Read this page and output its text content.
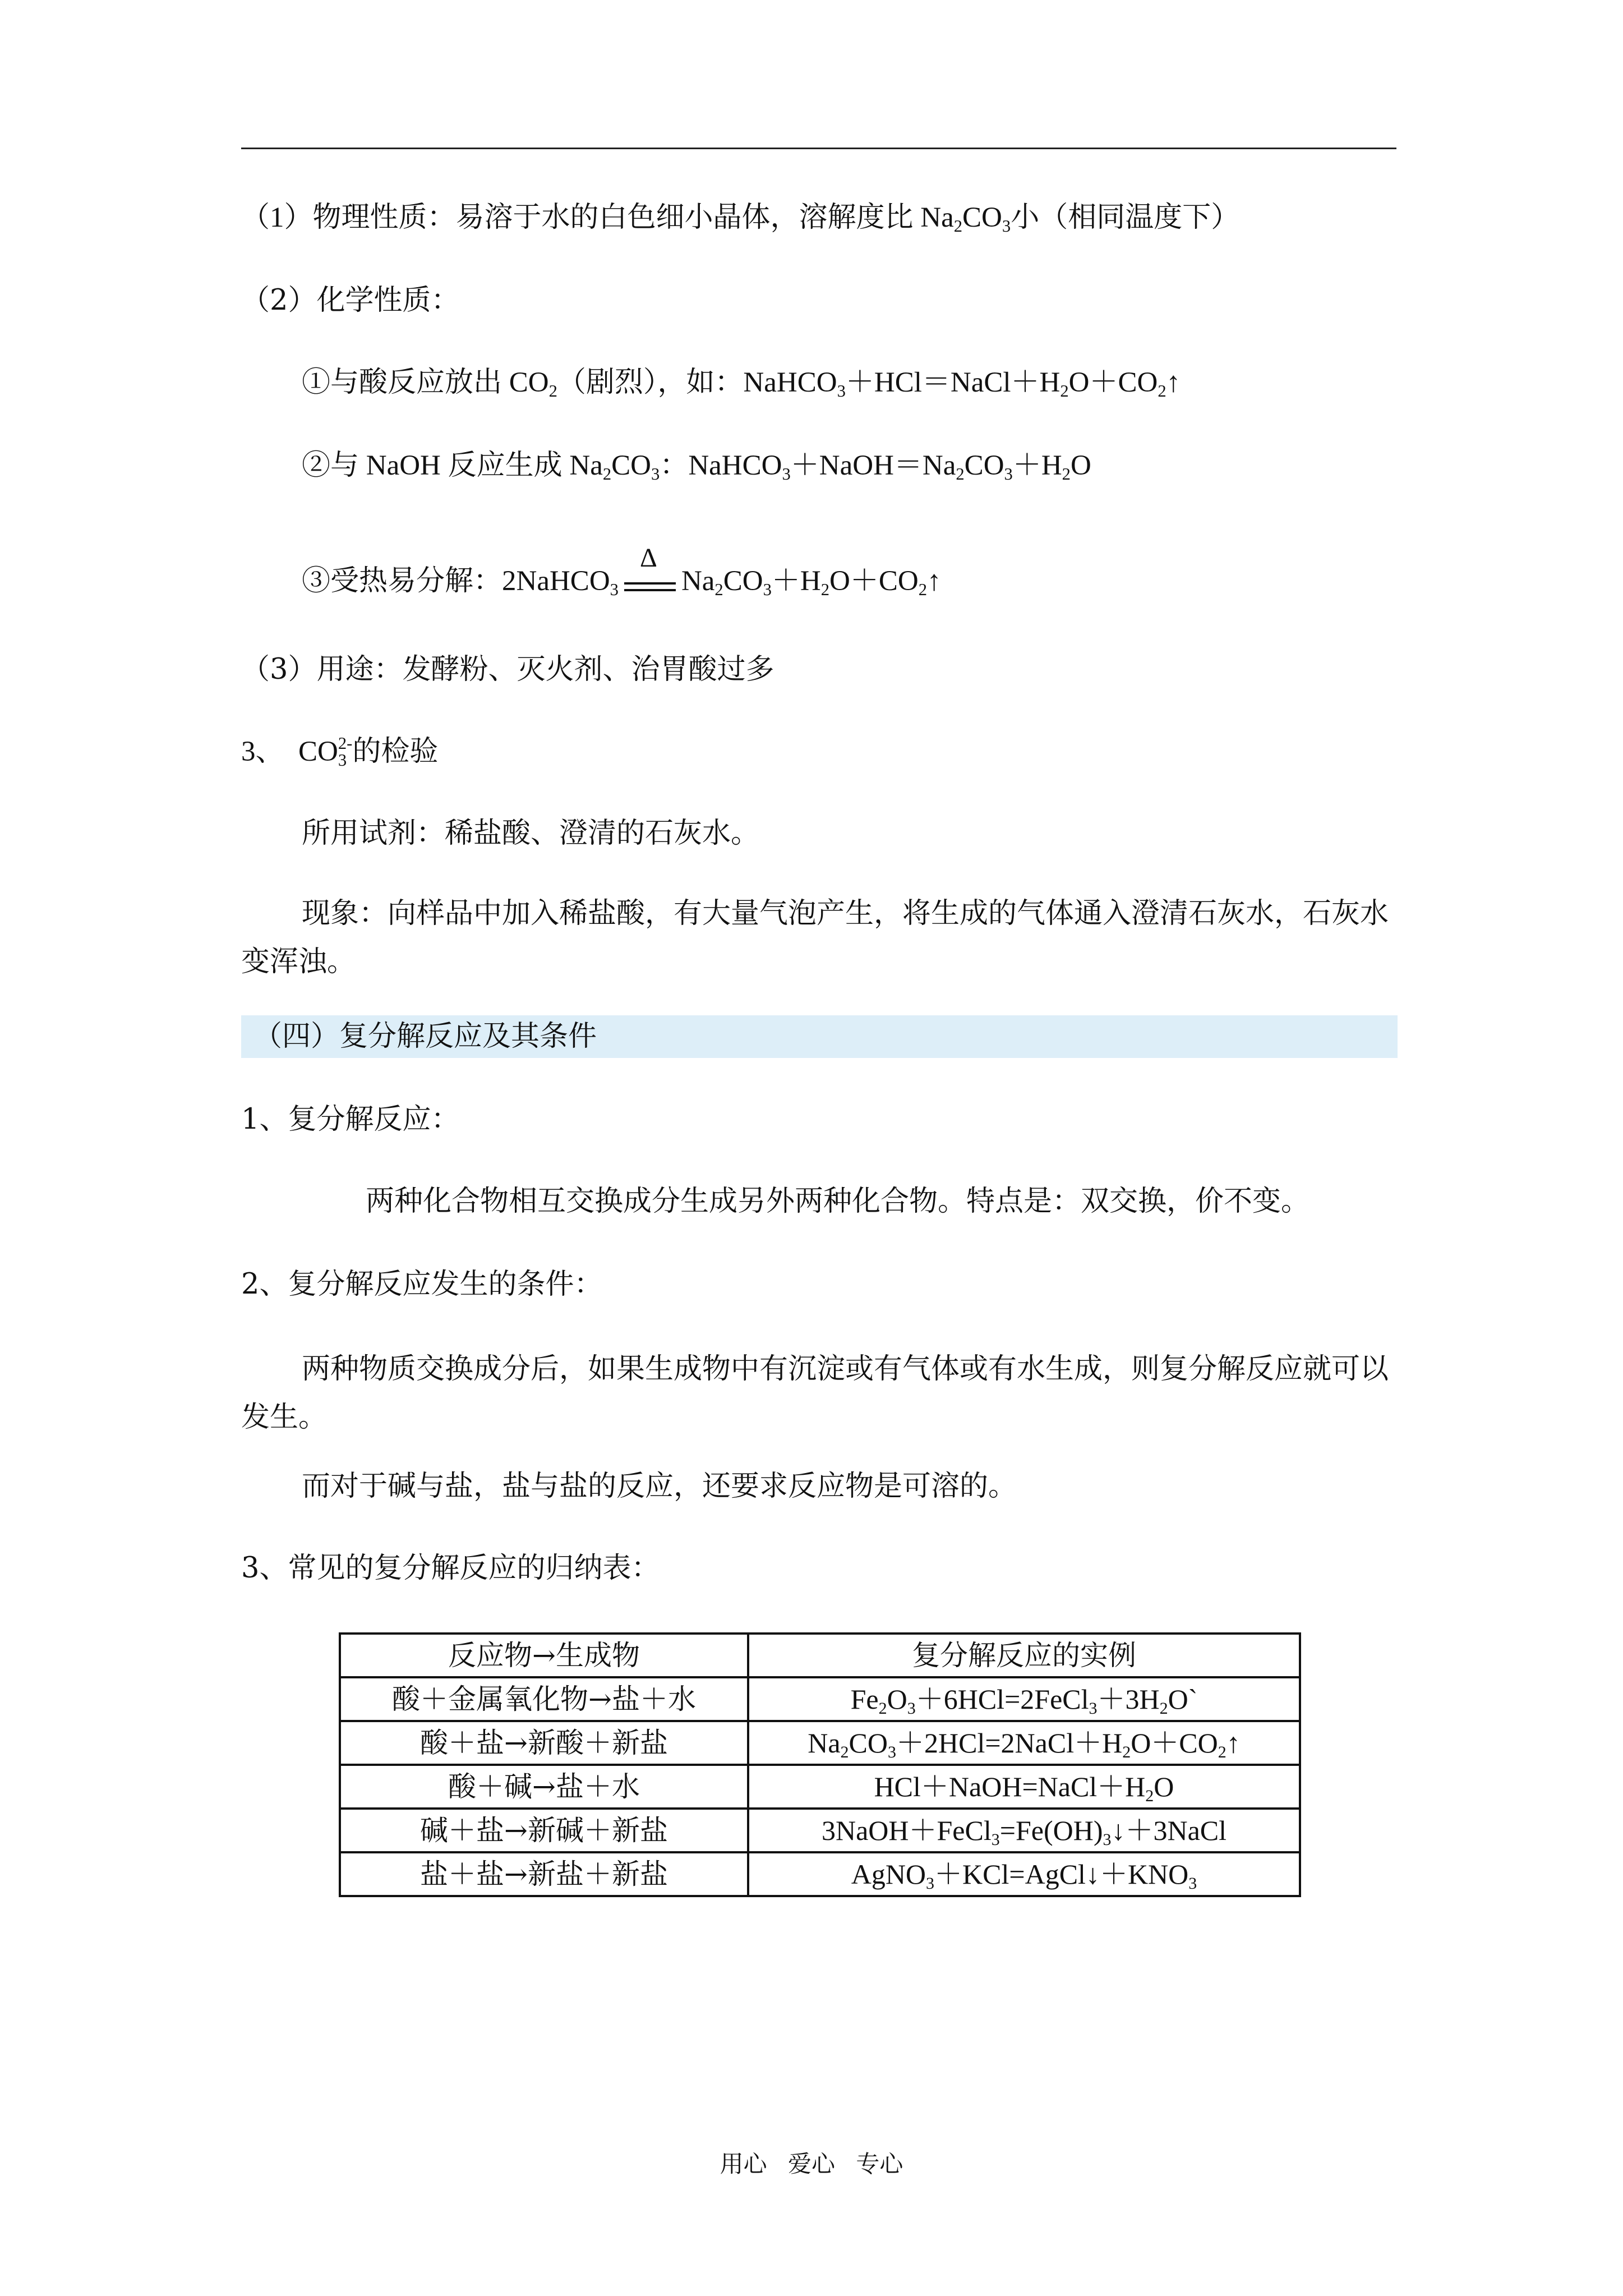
（1）物理性质：易溶于水的白色细小晶体，溶解度比 $Na_2CO_3$小（相同温度下）
（2）化学性质：
①与酸反应放出 $CO_2$（剧烈），如：$NaHCO_3+HCl=NaCl+H_2O+CO_2↑$
②与 NaOH 反应生成 $Na_2CO_3$：$NaHCO_3+NaOH=Na_2CO_3+H_2O$
③受热易分解：2NaHCO$_3$
Δ
$Na_2CO_3+H_2O+CO_2↑$
（3）用途：发酵粉、灭火剂、治胃酸过多
3、  $CO_3^{2-}$的检验
所用试剂：稀盐酸、澄清的石灰水。
现象：向样品中加入稀盐酸，有大量气泡产生，将生成的气体通入澄清石灰水，石灰水变浑浊。
（四）复分解反应及其条件
1、复分解反应：
两种化合物相互交换成分生成另外两种化合物。特点是：双交换，价不变。
2、复分解反应发生的条件：
两种物质交换成分后，如果生成物中有沉淀或有气体或有水生成，则复分解反应就可以发生。
而对于碱与盐，盐与盐的反应，还要求反应物是可溶的。
3、常见的复分解反应的归纳表：
反应物→生成物	复分解反应的实例
酸＋金属氧化物→盐＋水	$Fe_2O_3+6HCl=2FeCl_3+3H_2O`$
酸＋盐→新酸＋新盐	$Na_2CO_3+2HCl=2NaCl+H_2O+CO_2↑$
酸＋碱→盐＋水	$HCl+NaOH=NaCl+H_2O$
碱＋盐→新碱＋新盐	$3NaOH+FeCl_3=Fe(OH)_3↓+3NaCl$
盐＋盐→新盐＋新盐	$AgNO_3+KCl=AgCl↓+KNO_3$
用心 爱心 专心
